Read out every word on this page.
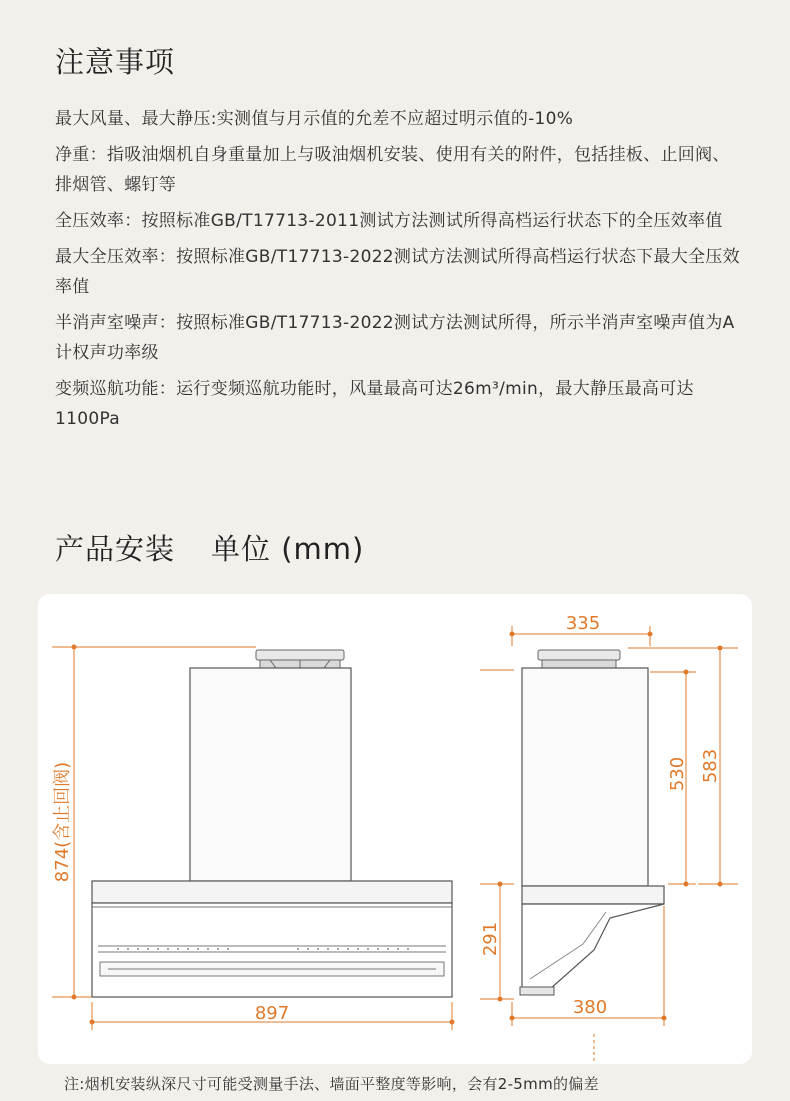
注意事项
最大风量、最大静压:实测值与月示值的允差不应超过明示值的-10%
净重：指吸油烟机自身重量加上与吸油烟机安装、使用有关的附件，包括挂板、止回阀、排烟管、螺钉等
全压效率：按照标准GB/T17713-2011测试方法测试所得高档运行状态下的全压效率值
最大全压效率：按照标准GB/T17713-2022测试方法测试所得高档运行状态下最大全压效率值
半消声室噪声：按照标准GB/T17713-2022测试方法测试所得，所示半消声室噪声值为A计权声功率级
变频巡航功能：运行变频巡航功能时，风量最高可达26m³/min，最大静压最高可达1100Pa
产品安装 单位 (mm)
874(含止回阀)
897
335
530 583
291
380
注:烟机安装纵深尺寸可能受测量手法、墙面平整度等影响，会有2-5mm的偏差
